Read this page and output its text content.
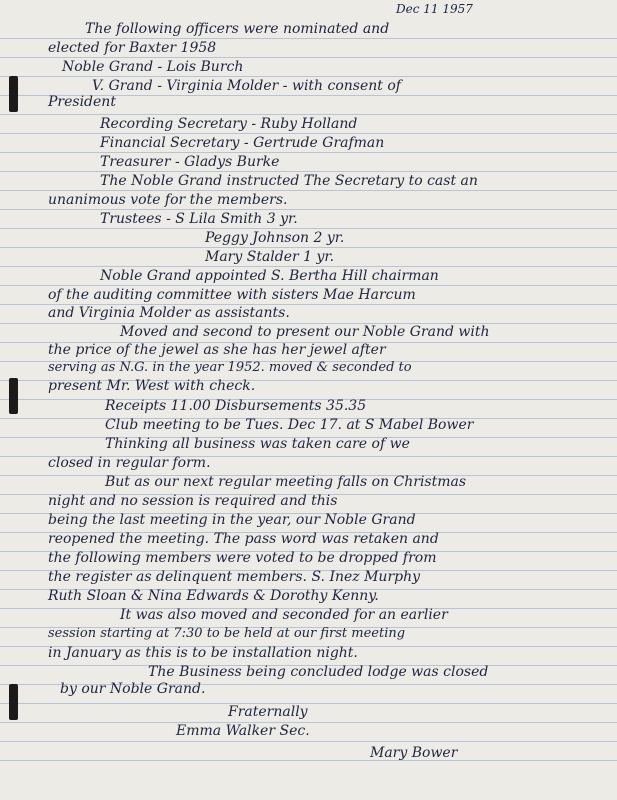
Dec 11 1957
The following officers were nominated and
elected for Baxter 1958
Noble Grand - Lois Burch
V. Grand - Virginia Molder - with consent of
President
Recording Secretary - Ruby Holland
Financial Secretary - Gertrude Grafman
Treasurer - Gladys Burke
The Noble Grand instructed The Secretary to cast an
unanimous vote for the members.
Trustees - S Lila Smith 3 yr.
Peggy Johnson 2 yr.
Mary Stalder 1 yr.
Noble Grand appointed S. Bertha Hill chairman
of the auditing committee with sisters Mae Harcum
and Virginia Molder as assistants.
Moved and second to present our Noble Grand with
the price of the jewel as she has her jewel after
serving as N.G. in the year 1952. moved & seconded to
present Mr. West with check.
Receipts 11.00 Disbursements 35.35
Club meeting to be Tues. Dec 17. at S Mabel Bower
Thinking all business was taken care of we
closed in regular form.
But as our next regular meeting falls on Christmas
night and no session is required and this
being the last meeting in the year, our Noble Grand
reopened the meeting. The pass word was retaken and
the following members were voted to be dropped from
the register as delinquent members. S. Inez Murphy
Ruth Sloan & Nina Edwards & Dorothy Kenny.
It was also moved and seconded for an earlier
session starting at 7:30 to be held at our first meeting
in January as this is to be installation night.
The Business being concluded lodge was closed
by our Noble Grand.
Fraternally
Emma Walker Sec.
Mary Bower
